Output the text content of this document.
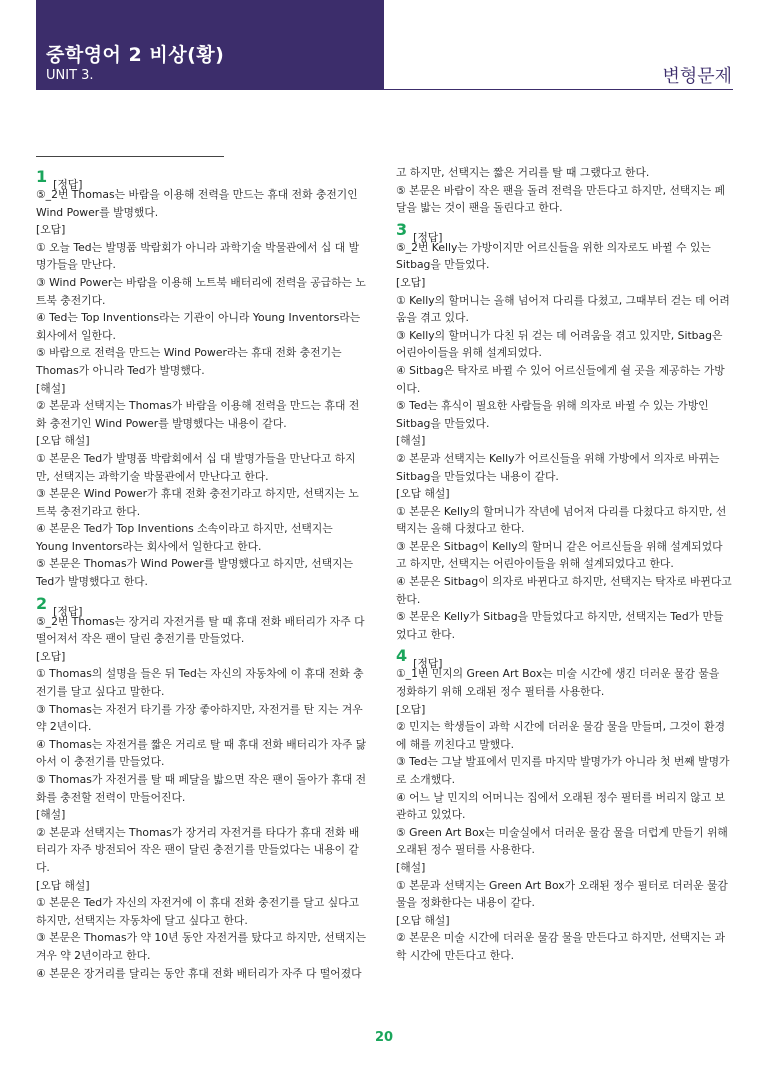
중학영어 2 비상(황)
UNIT 3.	변형문제
1 [정답]

⑤_2번 Thomas는 바람을 이용해 전력을 만드는 휴대 전화 충전기인 Wind Power를 발명했다.

[오답]

① 오늘 Ted는 발명품 박람회가 아니라 과학기술 박물관에서 십 대 발명가들을 만난다.

③ Wind Power는 바람을 이용해 노트북 배터리에 전력을 공급하는 노트북 충전기다.

④ Ted는 Top Inventions라는 기관이 아니라 Young Inventors라는 회사에서 일한다.

⑤ 바람으로 전력을 만드는 Wind Power라는 휴대 전화 충전기는 Thomas가 아니라 Ted가 발명했다.

[해설]

② 본문과 선택지는 Thomas가 바람을 이용해 전력을 만드는 휴대 전화 충전기인 Wind Power를 발명했다는 내용이 같다.

[오답 해설]

① 본문은 Ted가 발명품 박람회에서 십 대 발명가들을 만난다고 하지만, 선택지는 과학기술 박물관에서 만난다고 한다.

③ 본문은 Wind Power가 휴대 전화 충전기라고 하지만, 선택지는 노트북 충전기라고 한다.

④ 본문은 Ted가 Top Inventions 소속이라고 하지만, 선택지는 Young Inventors라는 회사에서 일한다고 한다.

⑤ 본문은 Thomas가 Wind Power를 발명했다고 하지만, 선택지는 Ted가 발명했다고 한다.

2 [정답]

⑤_2번 Thomas는 장거리 자전거를 탈 때 휴대 전화 배터리가 자주 다 떨어져서 작은 팬이 달린 충전기를 만들었다.

[오답]

① Thomas의 설명을 들은 뒤 Ted는 자신의 자동차에 이 휴대 전화 충전기를 달고 싶다고 말한다.

③ Thomas는 자전거 타기를 가장 좋아하지만, 자전거를 탄 지는 겨우 약 2년이다.

④ Thomas는 자전거를 짧은 거리로 탈 때 휴대 전화 배터리가 자주 닳아서 이 충전기를 만들었다.

⑤ Thomas가 자전거를 탈 때 페달을 밟으면 작은 팬이 돌아가 휴대 전화를 충전할 전력이 만들어진다.

[해설]

② 본문과 선택지는 Thomas가 장거리 자전거를 타다가 휴대 전화 배터리가 자주 방전되어 작은 팬이 달린 충전기를 만들었다는 내용이 같다.

[오답 해설]

① 본문은 Ted가 자신의 자전거에 이 휴대 전화 충전기를 달고 싶다고 하지만, 선택지는 자동차에 달고 싶다고 한다.

③ 본문은 Thomas가 약 10년 동안 자전거를 탔다고 하지만, 선택지는 겨우 약 2년이라고 한다.

④ 본문은 장거리를 달리는 동안 휴대 전화 배터리가 자주 다 떨어졌다

고 하지만, 선택지는 짧은 거리를 탈 때 그랬다고 한다.

⑤ 본문은 바람이 작은 팬을 돌려 전력을 만든다고 하지만, 선택지는 페달을 밟는 것이 팬을 돌린다고 한다.

3 [정답]

⑤_2번 Kelly는 가방이지만 어르신들을 위한 의자로도 바뀔 수 있는 Sitbag을 만들었다.

[오답]

① Kelly의 할머니는 올해 넘어져 다리를 다쳤고, 그때부터 걷는 데 어려움을 겪고 있다.

③ Kelly의 할머니가 다친 뒤 걷는 데 어려움을 겪고 있지만, Sitbag은 어린아이들을 위해 설계되었다.

④ Sitbag은 탁자로 바뀔 수 있어 어르신들에게 쉴 곳을 제공하는 가방이다.

⑤ Ted는 휴식이 필요한 사람들을 위해 의자로 바뀔 수 있는 가방인 Sitbag을 만들었다.

[해설]

② 본문과 선택지는 Kelly가 어르신들을 위해 가방에서 의자로 바뀌는 Sitbag을 만들었다는 내용이 같다.

[오답 해설]

① 본문은 Kelly의 할머니가 작년에 넘어져 다리를 다쳤다고 하지만, 선택지는 올해 다쳤다고 한다.

③ 본문은 Sitbag이 Kelly의 할머니 같은 어르신들을 위해 설계되었다고 하지만, 선택지는 어린아이들을 위해 설계되었다고 한다.

④ 본문은 Sitbag이 의자로 바뀐다고 하지만, 선택지는 탁자로 바뀐다고 한다.

⑤ 본문은 Kelly가 Sitbag을 만들었다고 하지만, 선택지는 Ted가 만들었다고 한다.

4 [정답]

①_1번 민지의 Green Art Box는 미술 시간에 생긴 더러운 물감 물을 정화하기 위해 오래된 정수 필터를 사용한다.

[오답]

② 민지는 학생들이 과학 시간에 더러운 물감 물을 만들며, 그것이 환경에 해를 끼친다고 말했다.

③ Ted는 그날 발표에서 민지를 마지막 발명가가 아니라 첫 번째 발명가로 소개했다.

④ 어느 날 민지의 어머니는 집에서 오래된 정수 필터를 버리지 않고 보관하고 있었다.

⑤ Green Art Box는 미술실에서 더러운 물감 물을 더럽게 만들기 위해 오래된 정수 필터를 사용한다.

[해설]

① 본문과 선택지는 Green Art Box가 오래된 정수 필터로 더러운 물감 물을 정화한다는 내용이 같다.

[오답 해설]

② 본문은 미술 시간에 더러운 물감 물을 만든다고 하지만, 선택지는 과학 시간에 만든다고 한다.

20
